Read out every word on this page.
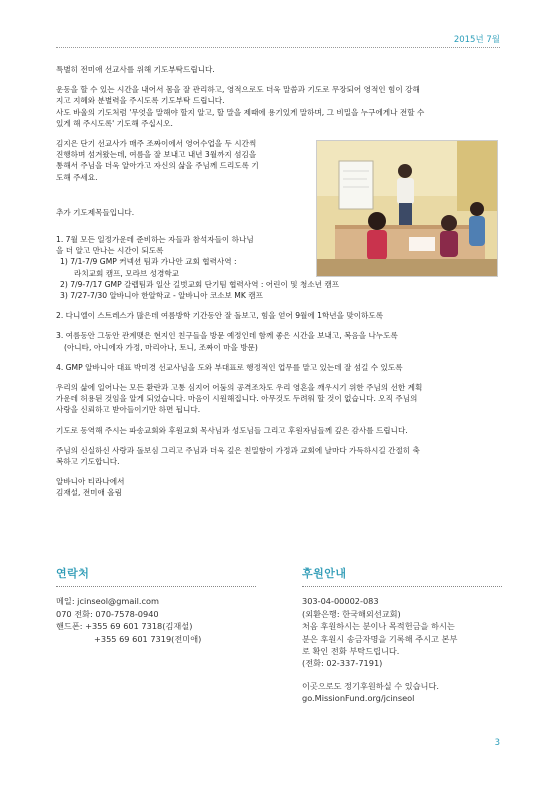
2015년 7월

특별히 전미애 선교사를 위해 기도부탁드립니다.

운동을 할 수 있는 시간을 내어서 몸을 잘 관리하고, 영적으로도 더욱 말씀과 기도로 무장되어 영적인 힘이 강해
지고 지혜와 분별력을 주시도록 기도부탁 드립니다.
사도 바울의 기도처럼 '무엇을 말해야 할지 알고, 할 말을 제때에 용기있게 말하며, 그 비밀을 누구에게나 전할 수
있게 해 주시도록' 기도해 주십시오.

김지은 단기 선교사가 매주 조짜이에서 영어수업을 두 시간씩
진행하며 섬겨왔는데, 여름을 잘 보내고 내년 3월까지 섬김을
통해서 주님을 더욱 알아가고 자신의 삶을 주님께 드리도록 기
도해 주세요.

추가 기도제목들입니다.

1. 7월 모든 일정가운데 준비하는 자들과 참석자들이 하나님
을 더 알고 만나는 시간이 되도록
1) 7/1-7/9 GMP 커넥션 팀과 가나안 교회 협력사역 :
라치교회 캠프, 모라브 성경학교
2) 7/9-7/17 GMP 갈렙팀과 일산 길벗교회 단기팀 협력사역 : 어린이 및 청소년 캠프
3) 7/27-7/30 알바니아 한알학교 - 알바니아 코소보 MK 캠프

2. 다니엘이 스트레스가 많은데 여름방학 기간동안 잘 돌보고, 힘을 얻어 9월에 1학년을 맞이하도록

3. 여름동안 그동안 관계맺은 현지인 친구들을 방문 예정인데 함께 좋은 시간을 보내고, 복음을 나누도록
(아니타, 아니에자 가정, 마리아나, 토니, 조짜이 마을 방문)

4. GMP 알바니아 대표 박미경 선교사님을 도와 부대표로 행정적인 업무를 맡고 있는데 잘 섬길 수 있도록

우리의 삶에 일어나는 모든 환란과 고통 심지어 어둠의 공격조차도 우리 영혼을 깨우시기 위한 주님의 선한 계획
가운데 허용된 것임을 알게 되었습니다. 마음이 시원해집니다. 아무것도 두려워 할 것이 없습니다. 오직 주님의
사랑을 신뢰하고 받아들이기만 하면 됩니다.

기도로 동역해 주시는 파송교회와 후원교회 목사님과 성도님들 그리고 후원자님들께 깊은 감사를 드립니다.

주님의 신실하신 사랑과 돌보심 그리고 주님과 더욱 깊은 친밀함이 가정과 교회에 날마다 가득하시길 간절히 축
복하고 기도합니다.

알바니아 티라나에서
김재설, 전미애 올림

연락처
메일: jcinseol@gmail.com
070 전화: 070-7578-0940
핸드폰: +355 69 601 7318(김재설)
+355 69 601 7319(전미애)
후원안내
303-04-00002-083
(외환은행: 한국해외선교회)
처음 후원하시는 분이나 목적헌금을 하시는
분은 후원시 송금자명을 기록해 주시고 본부
로 확인 전화 부탁드립니다.
(전화: 02-337-7191)
이곳으로도 정기후원하실 수 있습니다.
go.MissionFund.org/jcinseol
3
